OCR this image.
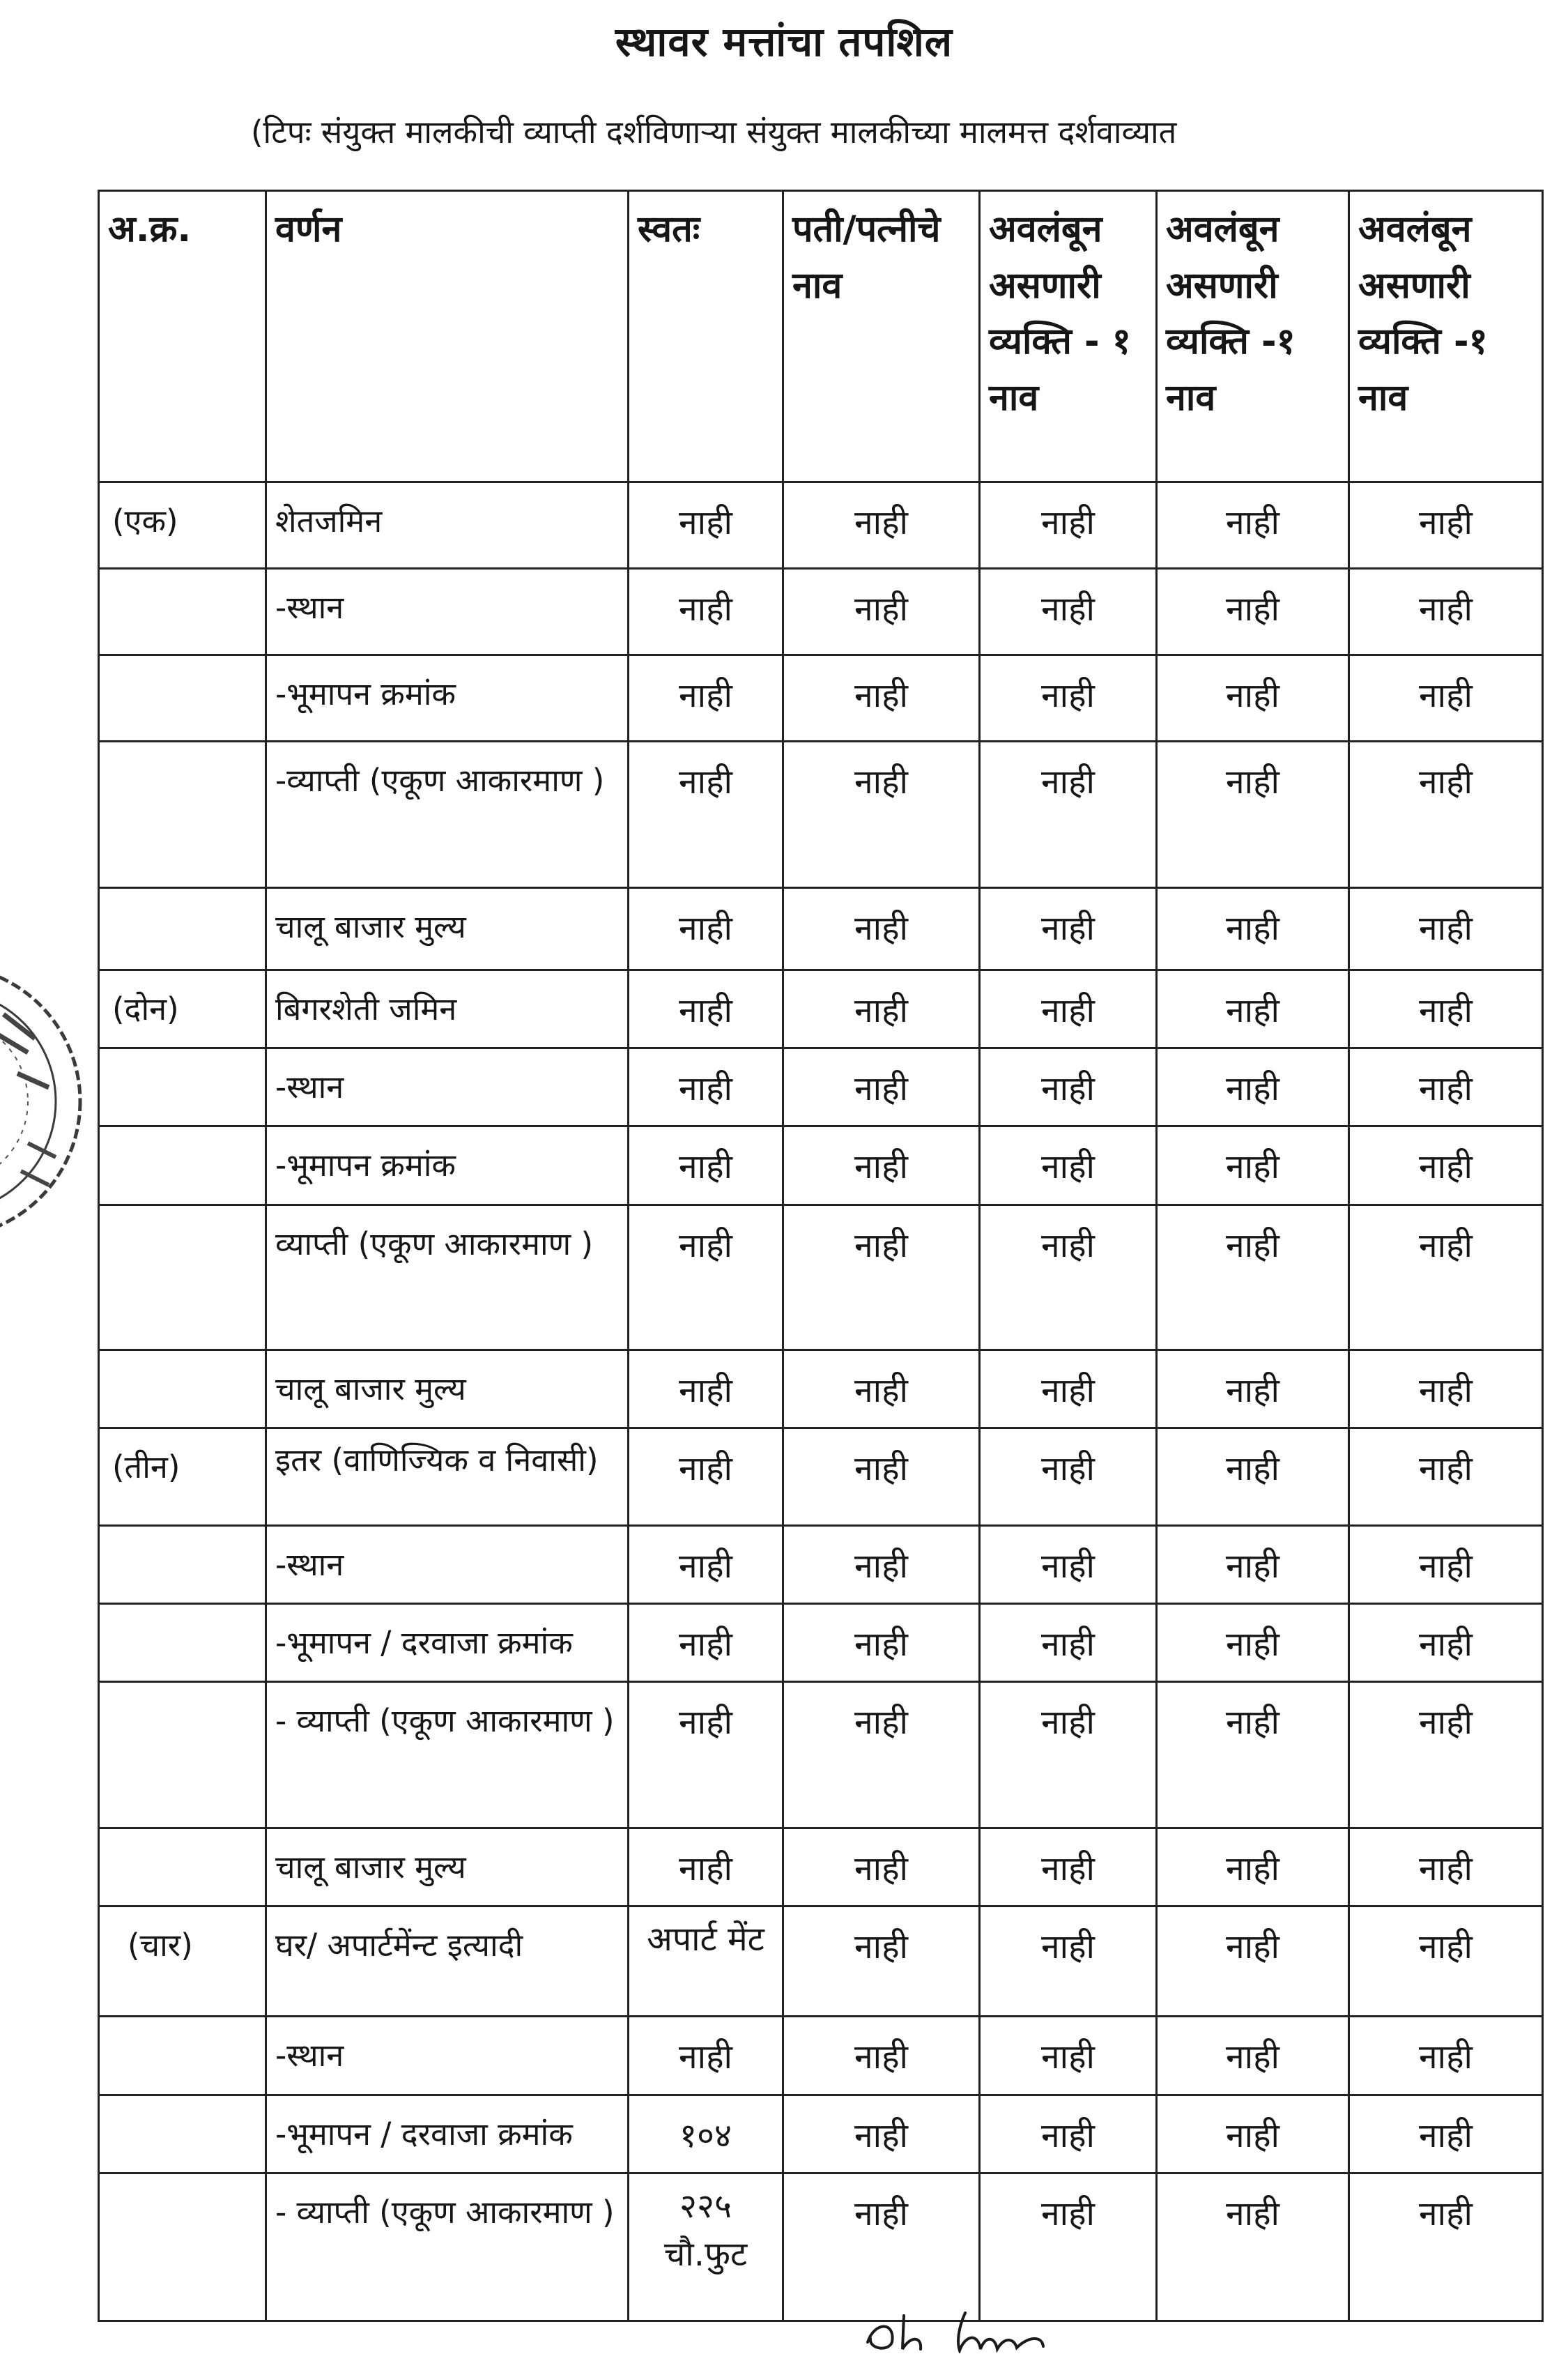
स्थावर मत्तांचा तपशिल
(टिपः संयुक्त मालकीची व्याप्ती दर्शविणाऱ्या संयुक्त मालकीच्या मालमत्त दर्शवाव्यात
अ.क्र.	वर्णन	स्वतः	पती/पत्नीचे नाव	अवलंबून असणारी व्यक्ति - १ नाव	अवलंबून असणारी व्यक्ति -१ नाव	अवलंबून असणारी व्यक्ति -१ नाव
(एक)	शेतजमिन	नाही	नाही	नाही	नाही	नाही
	-स्थान	नाही	नाही	नाही	नाही	नाही
	-भूमापन क्रमांक	नाही	नाही	नाही	नाही	नाही
	-व्याप्ती (एकूण आकारमाण )	नाही	नाही	नाही	नाही	नाही
	चालू बाजार मुल्य	नाही	नाही	नाही	नाही	नाही
(दोन)	बिगरशेती जमिन	नाही	नाही	नाही	नाही	नाही
	-स्थान	नाही	नाही	नाही	नाही	नाही
	-भूमापन क्रमांक	नाही	नाही	नाही	नाही	नाही
	व्याप्ती (एकूण आकारमाण )	नाही	नाही	नाही	नाही	नाही
	चालू बाजार मुल्य	नाही	नाही	नाही	नाही	नाही
(तीन)	इतर (वाणिज्यिक व निवासी)	नाही	नाही	नाही	नाही	नाही
	-स्थान	नाही	नाही	नाही	नाही	नाही
	-भूमापन / दरवाजा क्रमांक	नाही	नाही	नाही	नाही	नाही
	- व्याप्ती (एकूण आकारमाण )	नाही	नाही	नाही	नाही	नाही
	चालू बाजार मुल्य	नाही	नाही	नाही	नाही	नाही
(चार)	घर/ अपार्टमेंन्ट इत्यादी	अपार्ट मेंट	नाही	नाही	नाही	नाही
	-स्थान	नाही	नाही	नाही	नाही	नाही
	-भूमापन / दरवाजा क्रमांक	१०४	नाही	नाही	नाही	नाही
	- व्याप्ती (एकूण आकारमाण )	२२५ चौ.फुट	नाही	नाही	नाही	नाही
